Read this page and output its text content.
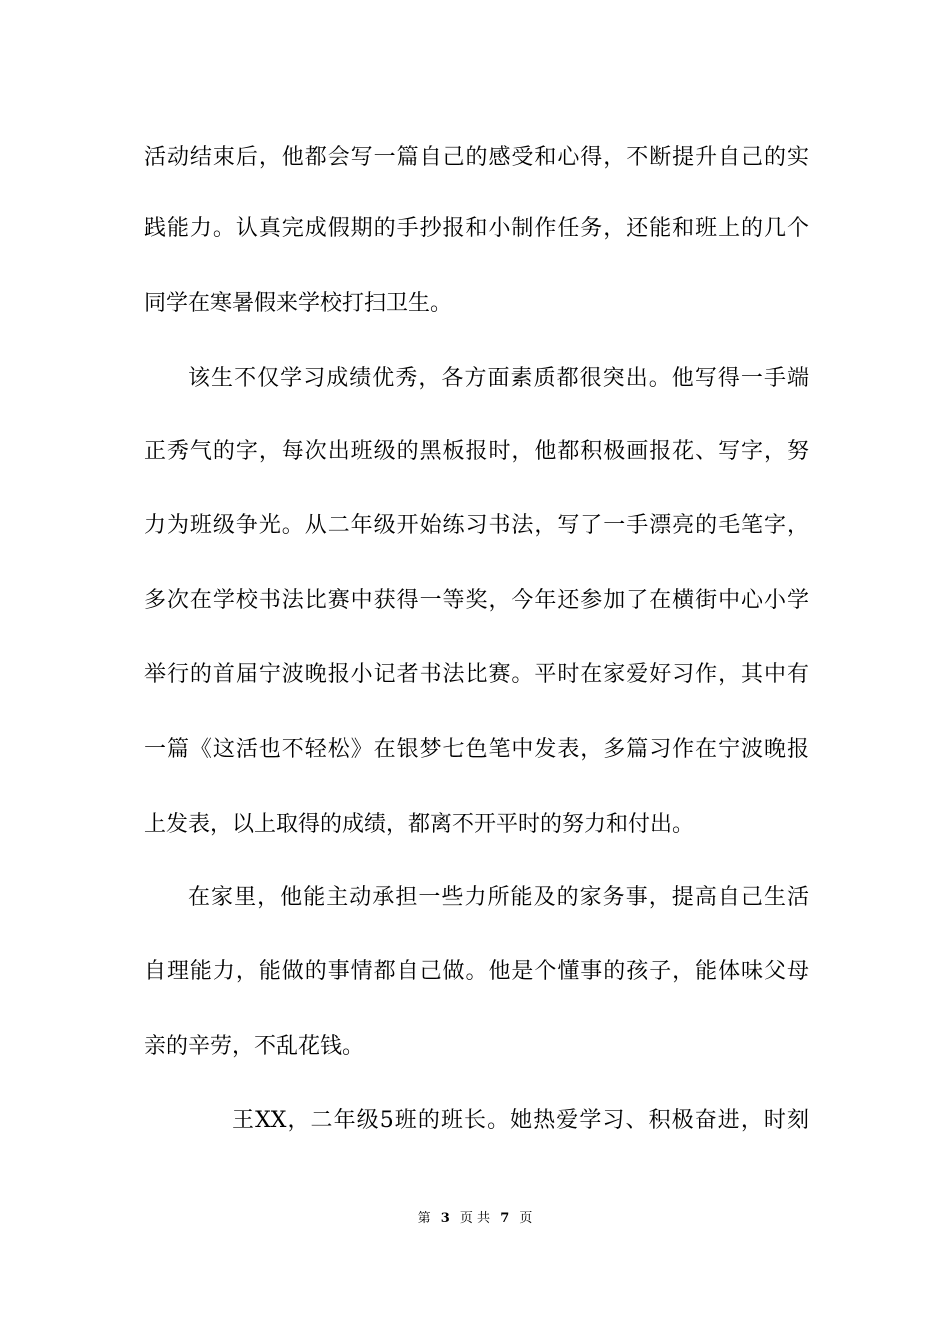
活动结束后，他都会写一篇自己的感受和心得，不断提升自己的实
践能力。认真完成假期的手抄报和小制作任务，还能和班上的几个
同学在寒暑假来学校打扫卫生。
该生不仅学习成绩优秀，各方面素质都很突出。他写得一手端
正秀气的字，每次出班级的黑板报时，他都积极画报花、写字，努
力为班级争光。从二年级开始练习书法，写了一手漂亮的毛笔字，
多次在学校书法比赛中获得一等奖，今年还参加了在横街中心小学
举行的首届宁波晚报小记者书法比赛。平时在家爱好习作，其中有
一篇《这活也不轻松》在银梦七色笔中发表，多篇习作在宁波晚报
上发表，以上取得的成绩，都离不开平时的努力和付出。
在家里，他能主动承担一些力所能及的家务事，提高自己生活
自理能力，能做的事情都自己做。他是个懂事的孩子，能体味父母
亲的辛劳，不乱花钱。
王XX，二年级5班的班长。她热爱学习、积极奋进，时刻
第 3 页 共 7 页
